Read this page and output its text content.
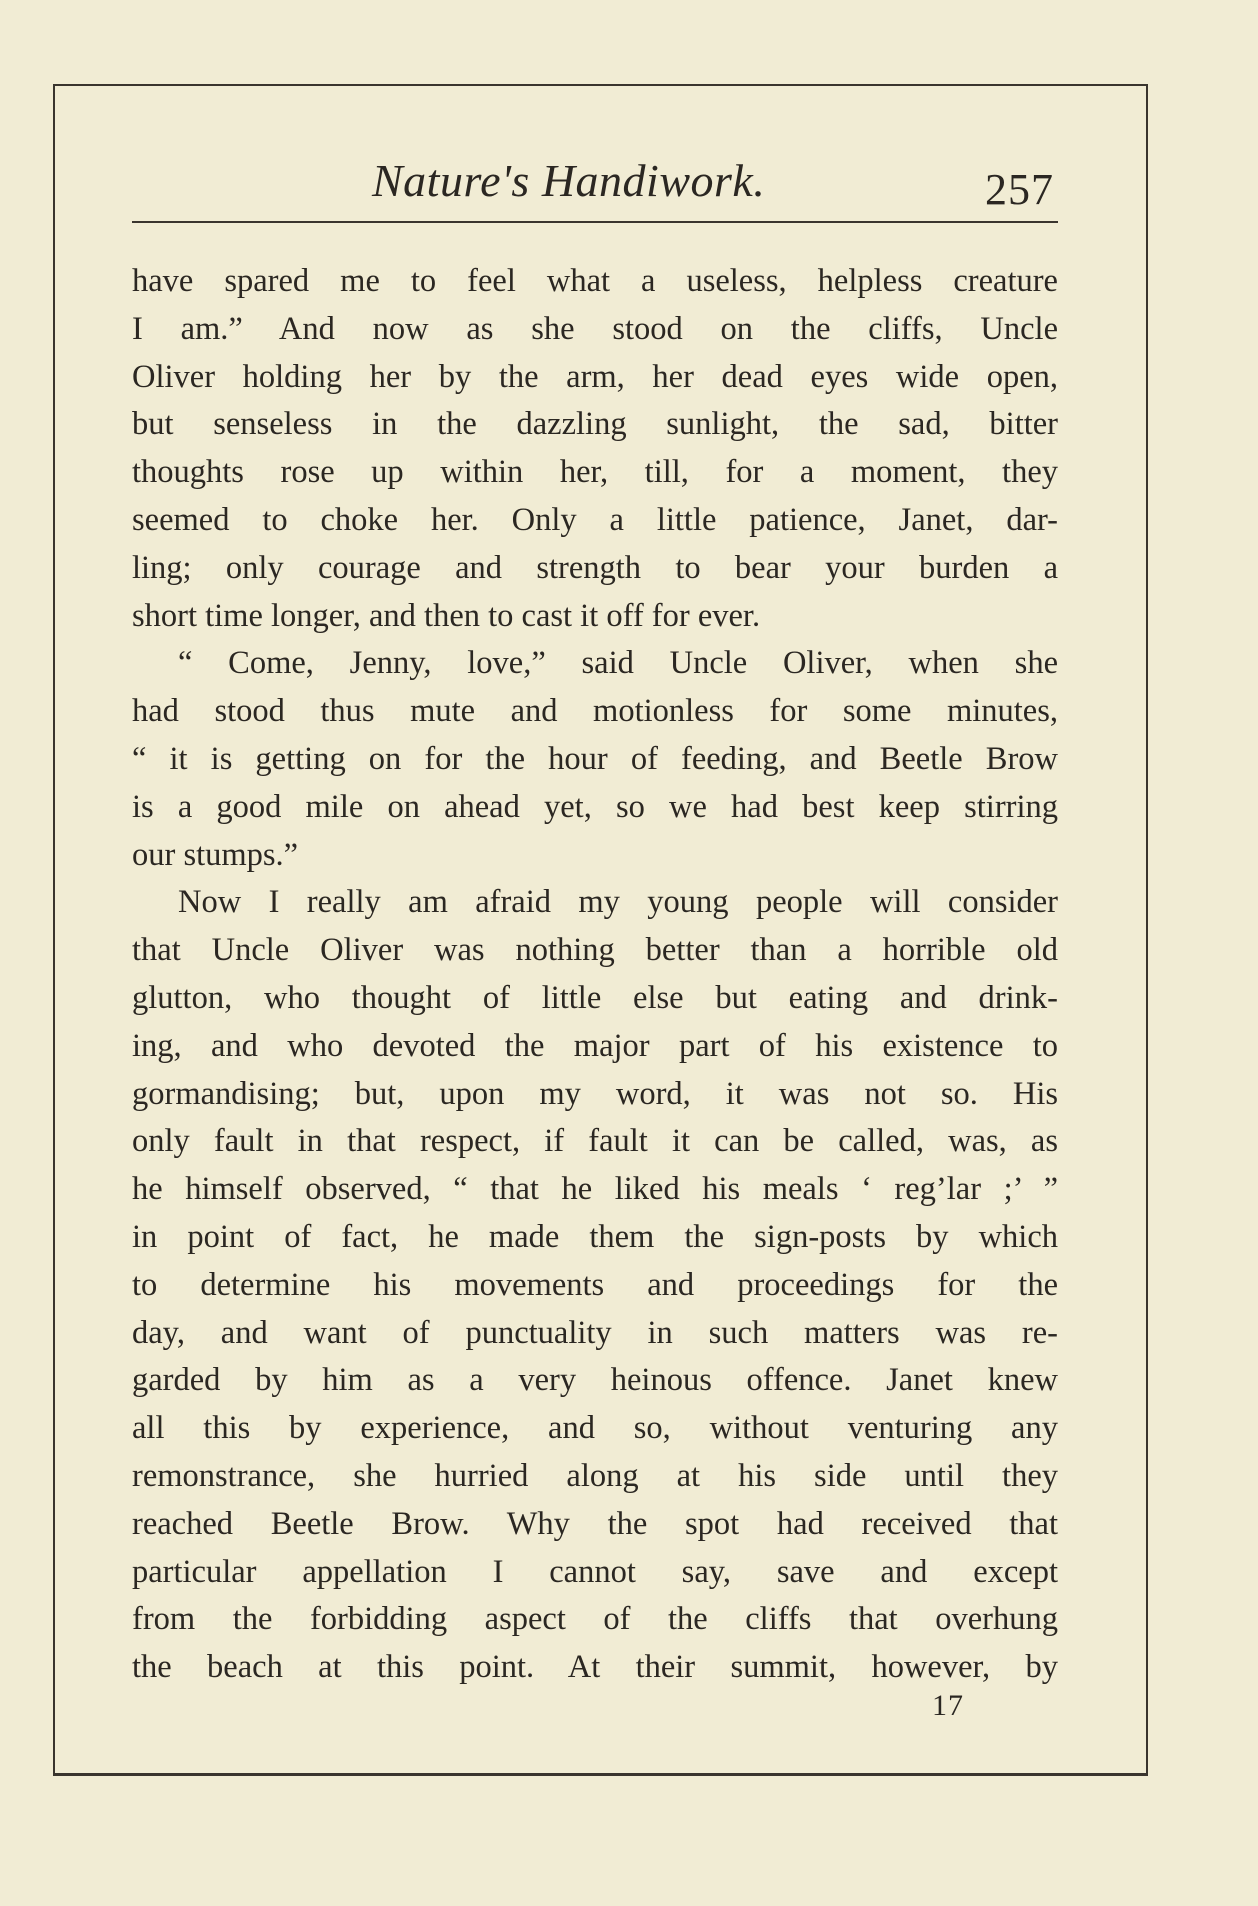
Nature's Handiwork.	257
have spared me to feel what a useless, helpless creature
I am.” And now as she stood on the cliffs, Uncle
Oliver holding her by the arm, her dead eyes wide open,
but senseless in the dazzling sunlight, the sad, bitter
thoughts rose up within her, till, for a moment, they
seemed to choke her. Only a little patience, Janet, dar-
ling; only courage and strength to bear your burden a
short time longer, and then to cast it off for ever.
“ Come, Jenny, love,” said Uncle Oliver, when she
had stood thus mute and motionless for some minutes,
“ it is getting on for the hour of feeding, and Beetle Brow
is a good mile on ahead yet, so we had best keep stirring
our stumps.”
Now I really am afraid my young people will consider
that Uncle Oliver was nothing better than a horrible old
glutton, who thought of little else but eating and drink-
ing, and who devoted the major part of his existence to
gormandising; but, upon my word, it was not so. His
only fault in that respect, if fault it can be called, was, as
he himself observed, “ that he liked his meals ‘ reg’lar ;’ ”
in point of fact, he made them the sign-posts by which
to determine his movements and proceedings for the
day, and want of punctuality in such matters was re-
garded by him as a very heinous offence. Janet knew
all this by experience, and so, without venturing any
remonstrance, she hurried along at his side until they
reached Beetle Brow. Why the spot had received that
particular appellation I cannot say, save and except
from the forbidding aspect of the cliffs that overhung
the beach at this point. At their summit, however, by
17
